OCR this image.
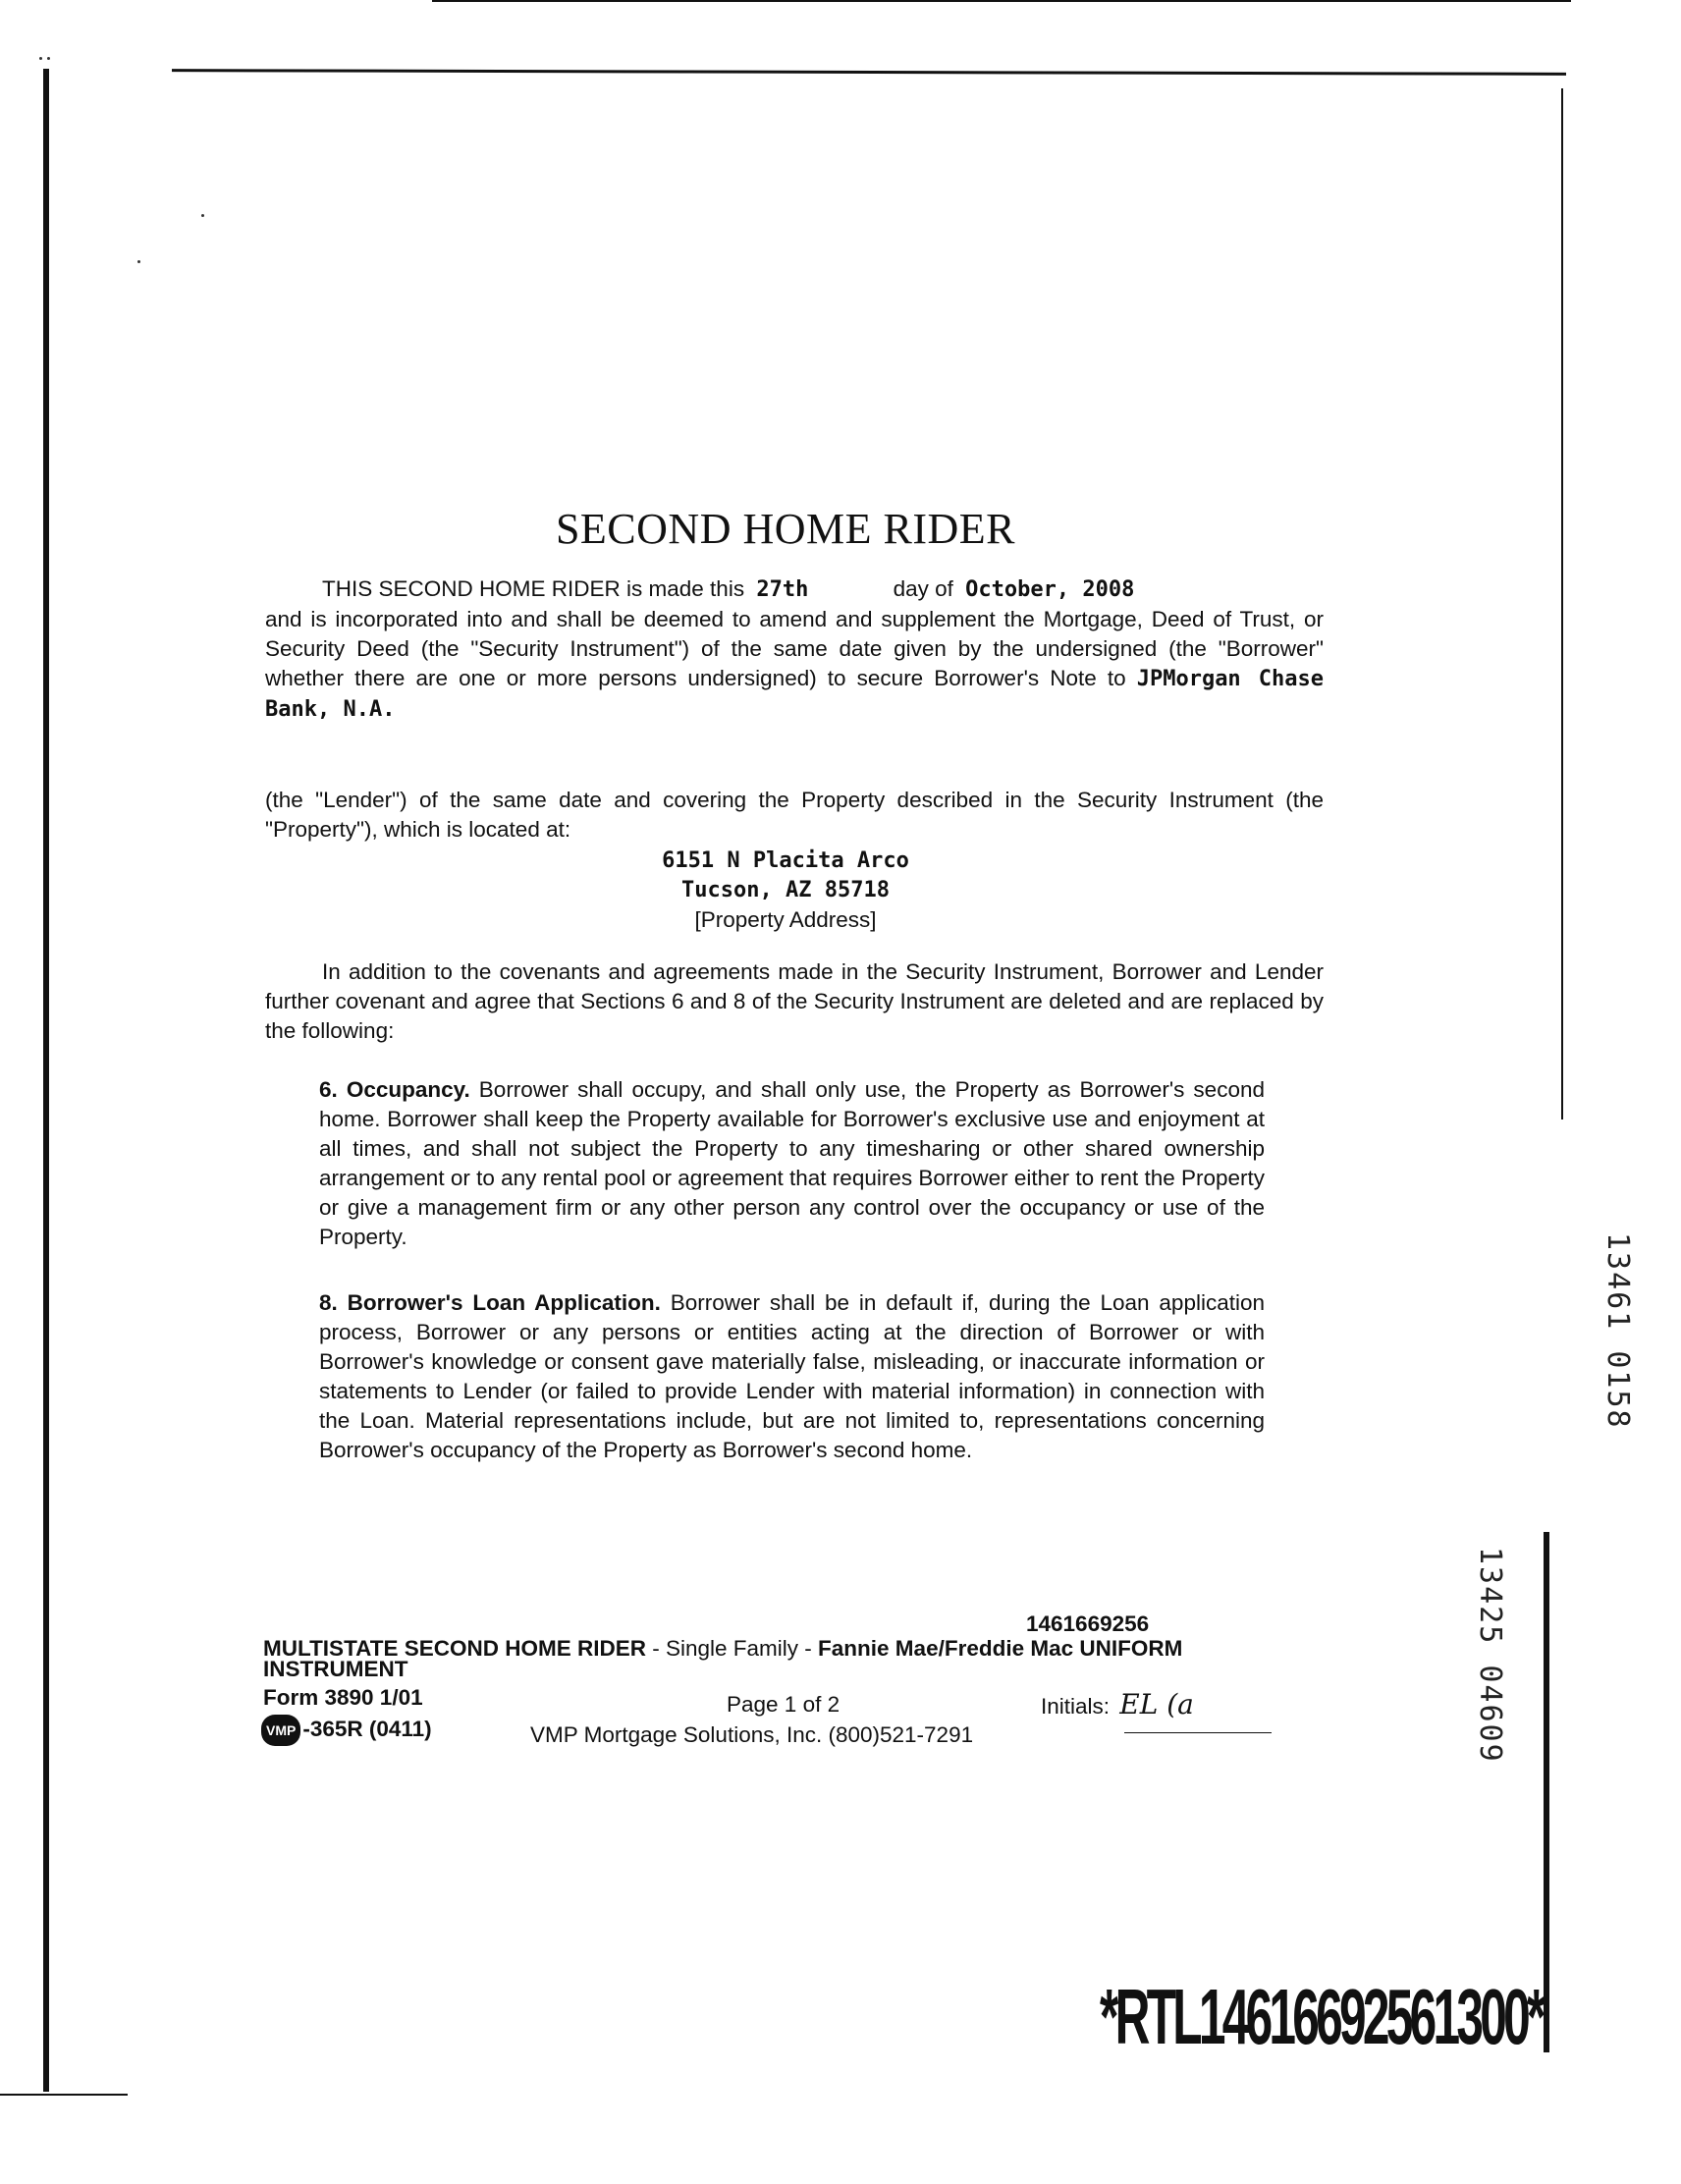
SECOND HOME RIDER

THIS SECOND HOME RIDER is made this 27th	day of October, 2008

and is incorporated into and shall be deemed to amend and supplement the Mortgage, Deed of Trust, or Security Deed (the "Security Instrument") of the same date given by the undersigned (the "Borrower" whether there are one or more persons undersigned) to secure Borrower's Note to JPMorgan Chase Bank, N.A.

(the "Lender") of the same date and covering the Property described in the Security Instrument (the "Property"), which is located at:
6151 N Placita Arco
Tucson, AZ 85718
[Property Address]

In addition to the covenants and agreements made in the Security Instrument, Borrower and Lender further covenant and agree that Sections 6 and 8 of the Security Instrument are deleted and are replaced by the following:

6. Occupancy. Borrower shall occupy, and shall only use, the Property as Borrower's second home. Borrower shall keep the Property available for Borrower's exclusive use and enjoyment at all times, and shall not subject the Property to any timesharing or other shared ownership arrangement or to any rental pool or agreement that requires Borrower either to rent the Property or give a management firm or any other person any control over the occupancy or use of the Property.
8. Borrower's Loan Application. Borrower shall be in default if, during the Loan application process, Borrower or any persons or entities acting at the direction of Borrower or with Borrower's knowledge or consent gave materially false, misleading, or inaccurate information or statements to Lender (or failed to provide Lender with material information) in connection with the Loan. Material representations include, but are not limited to, representations concerning Borrower's occupancy of the Property as Borrower's second home.
13461 0158
13425 04609
1461669256
MULTISTATE SECOND HOME RIDER - Single Family - Fannie Mae/Freddie Mac UNIFORM
INSTRUMENT
Form 3890 1/01	Page 1 of 2	Initials: EL (a
VMP -365R (0411)	VMP Mortgage Solutions, Inc. (800)521-7291
*RTL14616692561300*
